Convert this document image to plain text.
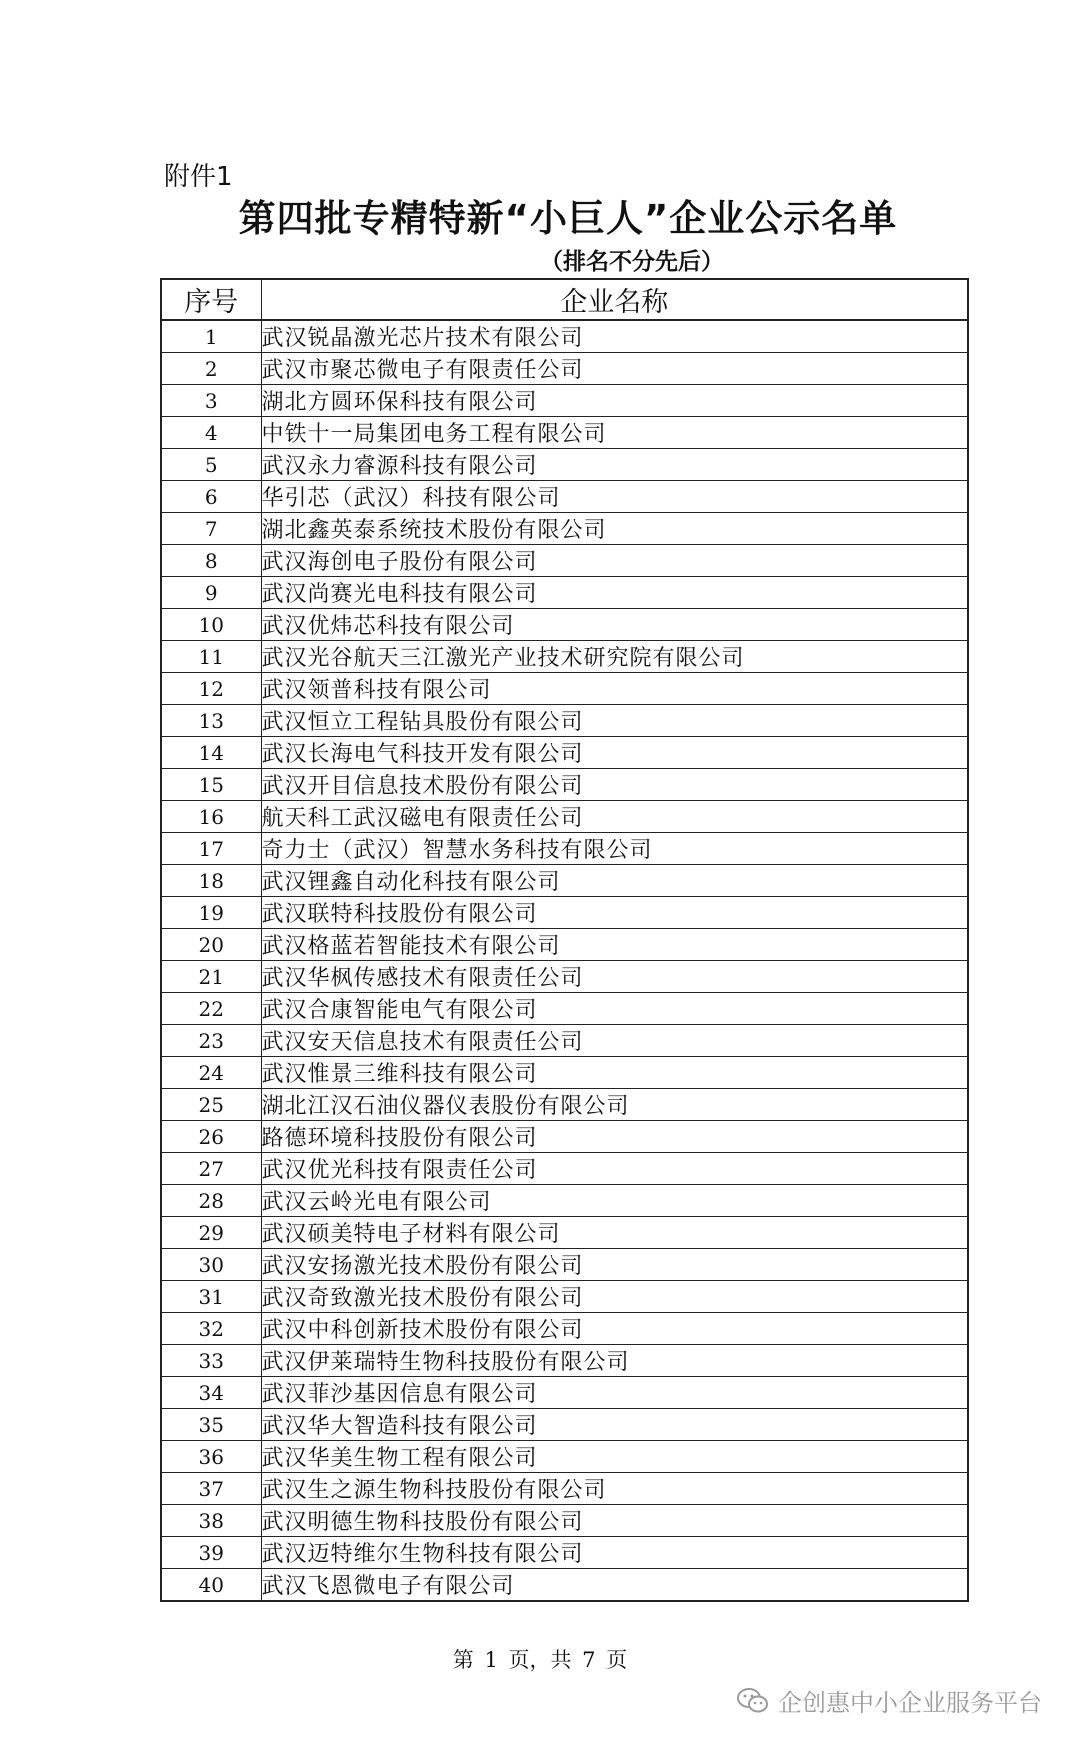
附件1
第四批专精特新“小巨人”企业公示名单
（排名不分先后）
序号	企业名称
1	武汉锐晶激光芯片技术有限公司
2	武汉市聚芯微电子有限责任公司
3	湖北方圆环保科技有限公司
4	中铁十一局集团电务工程有限公司
5	武汉永力睿源科技有限公司
6	华引芯（武汉）科技有限公司
7	湖北鑫英泰系统技术股份有限公司
8	武汉海创电子股份有限公司
9	武汉尚赛光电科技有限公司
10	武汉优炜芯科技有限公司
11	武汉光谷航天三江激光产业技术研究院有限公司
12	武汉领普科技有限公司
13	武汉恒立工程钻具股份有限公司
14	武汉长海电气科技开发有限公司
15	武汉开目信息技术股份有限公司
16	航天科工武汉磁电有限责任公司
17	奇力士（武汉）智慧水务科技有限公司
18	武汉锂鑫自动化科技有限公司
19	武汉联特科技股份有限公司
20	武汉格蓝若智能技术有限公司
21	武汉华枫传感技术有限责任公司
22	武汉合康智能电气有限公司
23	武汉安天信息技术有限责任公司
24	武汉惟景三维科技有限公司
25	湖北江汉石油仪器仪表股份有限公司
26	路德环境科技股份有限公司
27	武汉优光科技有限责任公司
28	武汉云岭光电有限公司
29	武汉硕美特电子材料有限公司
30	武汉安扬激光技术股份有限公司
31	武汉奇致激光技术股份有限公司
32	武汉中科创新技术股份有限公司
33	武汉伊莱瑞特生物科技股份有限公司
34	武汉菲沙基因信息有限公司
35	武汉华大智造科技有限公司
36	武汉华美生物工程有限公司
37	武汉生之源生物科技股份有限公司
38	武汉明德生物科技股份有限公司
39	武汉迈特维尔生物科技有限公司
40	武汉飞恩微电子有限公司
第 1 页，共 7 页
企创惠中小企业服务平台
